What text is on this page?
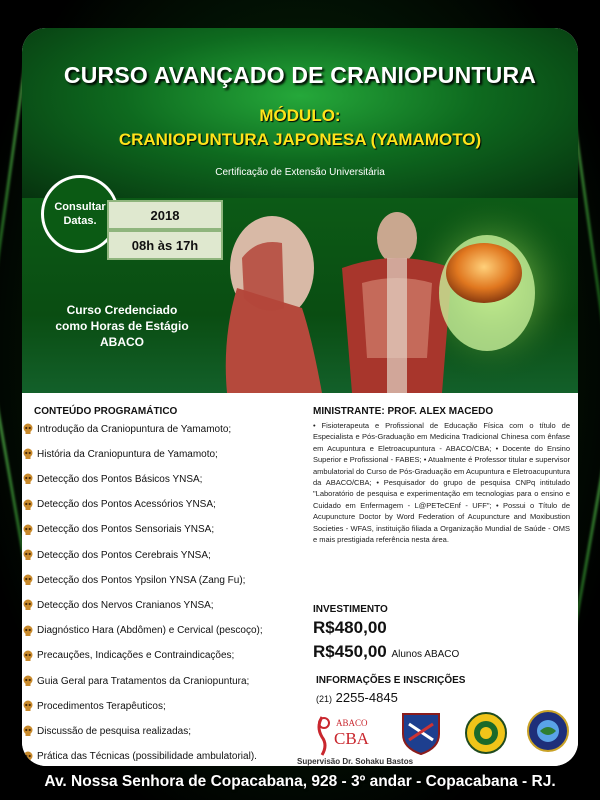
CURSO AVANÇADO DE CRANIOPUNTURA
MÓDULO:
CRANIOPUNTURA JAPONESA (YAMAMOTO)
Certificação de Extensão Universitária
Consultar
Datas.	2018
08h às 17h
Curso Credenciado
como Horas de Estágio
ABACO
CONTEÚDO PROGRAMÁTICO
Introdução da Craniopuntura de Yamamoto;
História da Craniopuntura de Yamamoto;
Detecção dos Pontos Básicos YNSA;
Detecção dos Pontos Acessórios YNSA;
Detecção dos Pontos Sensoriais YNSA;
Detecção dos Pontos Cerebrais YNSA;
Detecção dos Pontos Ypsilon YNSA (Zang Fu);
Detecção dos Nervos Cranianos YNSA;
Diagnóstico Hara (Abdômen) e Cervical (pescoço);
Precauções, Indicações e Contraindicações;
Guia Geral para Tratamentos da Craniopuntura;
Procedimentos Terapêuticos;
Discussão de pesquisa realizadas;
Prática das Técnicas (possibilidade ambulatorial).
MINISTRANTE: PROF. ALEX MACEDO
• Fisioterapeuta e Profissional de Educação Física com o título de Especialista e Pós-Graduação em Medicina Tradicional Chinesa com ênfase em Acupuntura e Eletroacupuntura - ABACO/CBA; • Docente do Ensino Superior e Profissional - FABES; • Atualmente é Professor titular e supervisor ambulatorial do Curso de Pós-Graduação em Acupuntura e Eletroacupuntura da ABACO/CBA; • Pesquisador do grupo de pesquisa CNPq intitulado "Laboratório de pesquisa e experimentação em tecnologias para o ensino e Cuidado em Enfermagem - L@PETeCEnf - UFF"; • Possui o Título de Acupuncture Doctor by Word Federation of Acupuncture and Moxibustion Societies - WFAS, instituição filiada a Organização Mundial de Saúde - OMS e mais prestigiada referência nesta área.
INVESTIMENTO
R$480,00
R$450,00 Alunos ABACO
INFORMAÇÕES E INSCRIÇÕES
(21) 2255-4845
ABACO
CBA
Supervisão Dr. Sohaku Bastos
Av. Nossa Senhora de Copacabana, 928 - 3º andar - Copacabana - RJ.
